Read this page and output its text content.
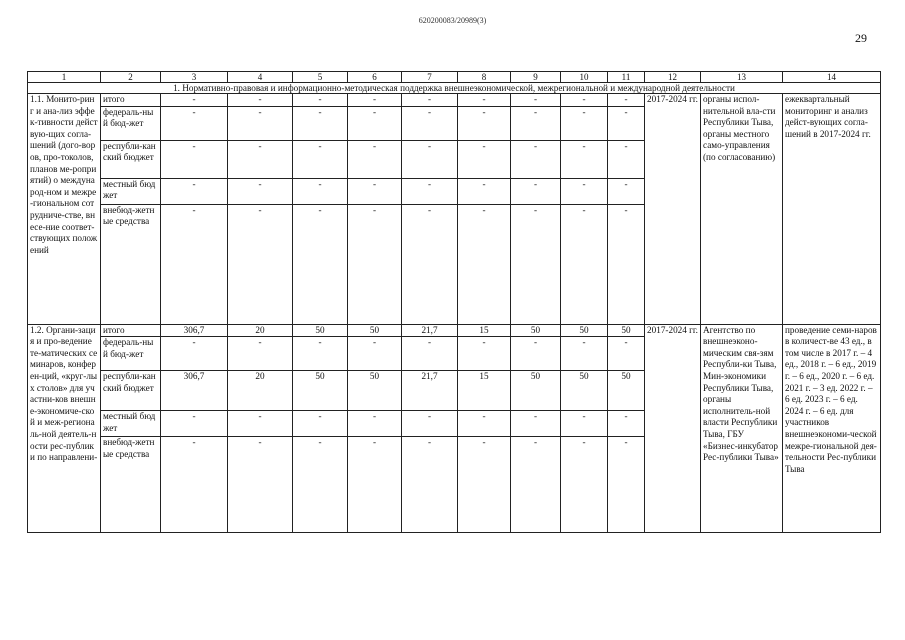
620200083/20989(3)
29
1	2	3	4	5	6	7	8	9	10	11	12	13	14
1. Нормативно-правовая и информационно-методическая поддержка внешнеэкономической, межрегиональной и международной деятельности													
1.1. Монито-ринг и ана-лиз эффек-тивности действую-щих согла-шений (дого-воров, про-токолов, планов ме-роприятий) о международ-ном и межре-гиональном сотрудниче-стве, внесе-ние соответ-ствующих положений	итого	-	-	-	-	-	-	-	-	-	2017-2024 гг.	органы испол-нительной вла-сти Республики Тыва, органы местного само-управления (по согласованию)	ежеквартальный мониторинг и анализ дейст-вующих согла-шений в 2017-2024 гг.
	федераль-ный бюд-жет	-	-	-	-	-	-	-	-	-			
	республи-канский бюджет	-	-	-	-	-	-	-	-	-			
	местный бюджет	-	-	-	-	-	-	-	-	-			
	внебюд-жетные средства	-	-	-	-	-	-	-	-	-			
1.2. Органи-зация и про-ведение те-матических семинаров, конферен-ций, «круг-лых столов» для участни-ков внешне-экономиче-ской и меж-региональ-ной деятель-ности рес-публики по направлени-	итого	306,7	20	50	50	21,7	15	50	50	50	2017-2024 гг.	Агентство по внешнеэконо-мическим свя-зям Республи-ки Тыва, Мин-экономики Республики Тыва, органы исполнитель-ной власти Республики Тыва, ГБУ «Бизнес-инкубатор Рес-публики Тыва»	проведение семи-наров в количест-ве 43 ед., в том числе в 2017 г. – 4 ед., 2018 г. – 6 ед., 2019 г. – 6 ед., 2020 г. – 6 ед. 2021 г. – 3 ед. 2022 г. – 6 ед. 2023 г. – 6 ед. 2024 г. – 6 ед. для участников внешнеэкономи-ческой межре-гиональной дея-тельности Рес-публики Тыва
	федераль-ный бюд-жет	-	-	-	-	-	-	-	-	-			
	республи-канский бюджет	306,7	20	50	50	21,7	15	50	50	50			
	местный бюджет	-	-	-	-	-	-	-	-	-			
	внебюд-жетные средства	-	-	-	-	-	-	-	-	-			
